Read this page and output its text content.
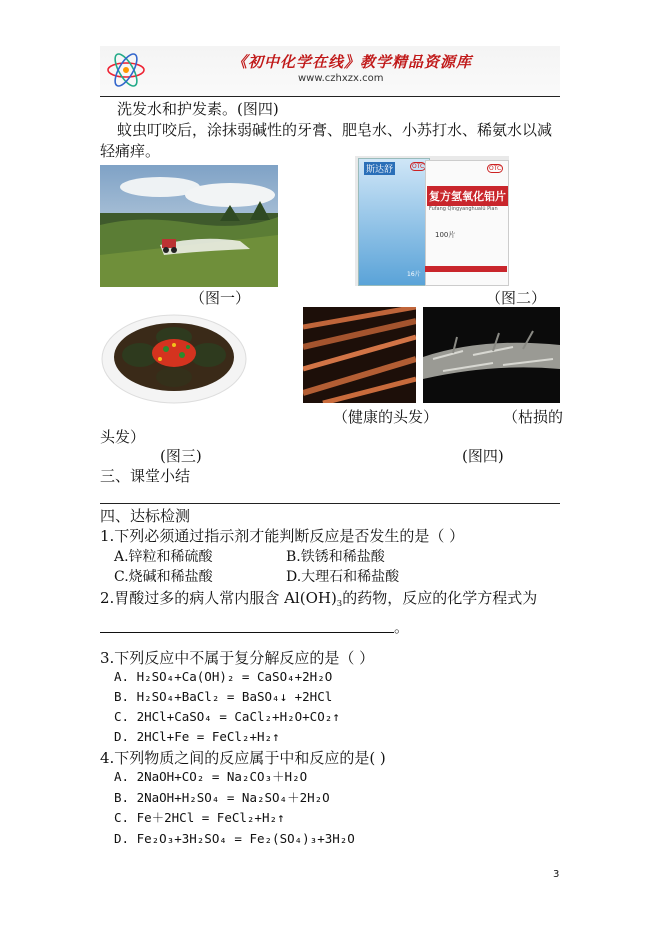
《初中化学在线》教学精品资源库
www.czhxzx.com
洗发水和护发素。(图四)
蚊虫叮咬后，涂抹弱碱性的牙膏、肥皂水、小苏打水、稀氨水以减
轻痛痒。
（图一）
斯达舒	OTC	OTC
复方氢氧化铝片
Fufang Qingyanghualü Pian
100片
16片
（图二）
(图三)
（健康的头发）	（枯损的
头发）
(图四)
三、课堂小结
四、达标检测
1.下列必须通过指示剂才能判断反应是否发生的是（ ）
A.锌粒和稀硫酸	B.铁锈和稀盐酸
C.烧碱和稀盐酸	D.大理石和稀盐酸
2.胃酸过多的病人常内服含 $Al(OH)_3$的药物，反应的化学方程式为
。
3.下列反应中不属于复分解反应的是（ ）
A. H₂SO₄+Ca(OH)₂ = CaSO₄+2H₂O
B. H₂SO₄+BaCl₂ = BaSO₄↓ +2HCl
C. 2HCl+CaSO₄ = CaCl₂+H₂O+CO₂↑
D. 2HCl+Fe = FeCl₂+H₂↑
4.下列物质之间的反应属于中和反应的是( )
A. 2NaOH+CO₂ = Na₂CO₃＋H₂O
B. 2NaOH+H₂SO₄ = Na₂SO₄＋2H₂O
C. Fe＋2HCl = FeCl₂+H₂↑
D. Fe₂O₃+3H₂SO₄ = Fe₂(SO₄)₃+3H₂O
3
